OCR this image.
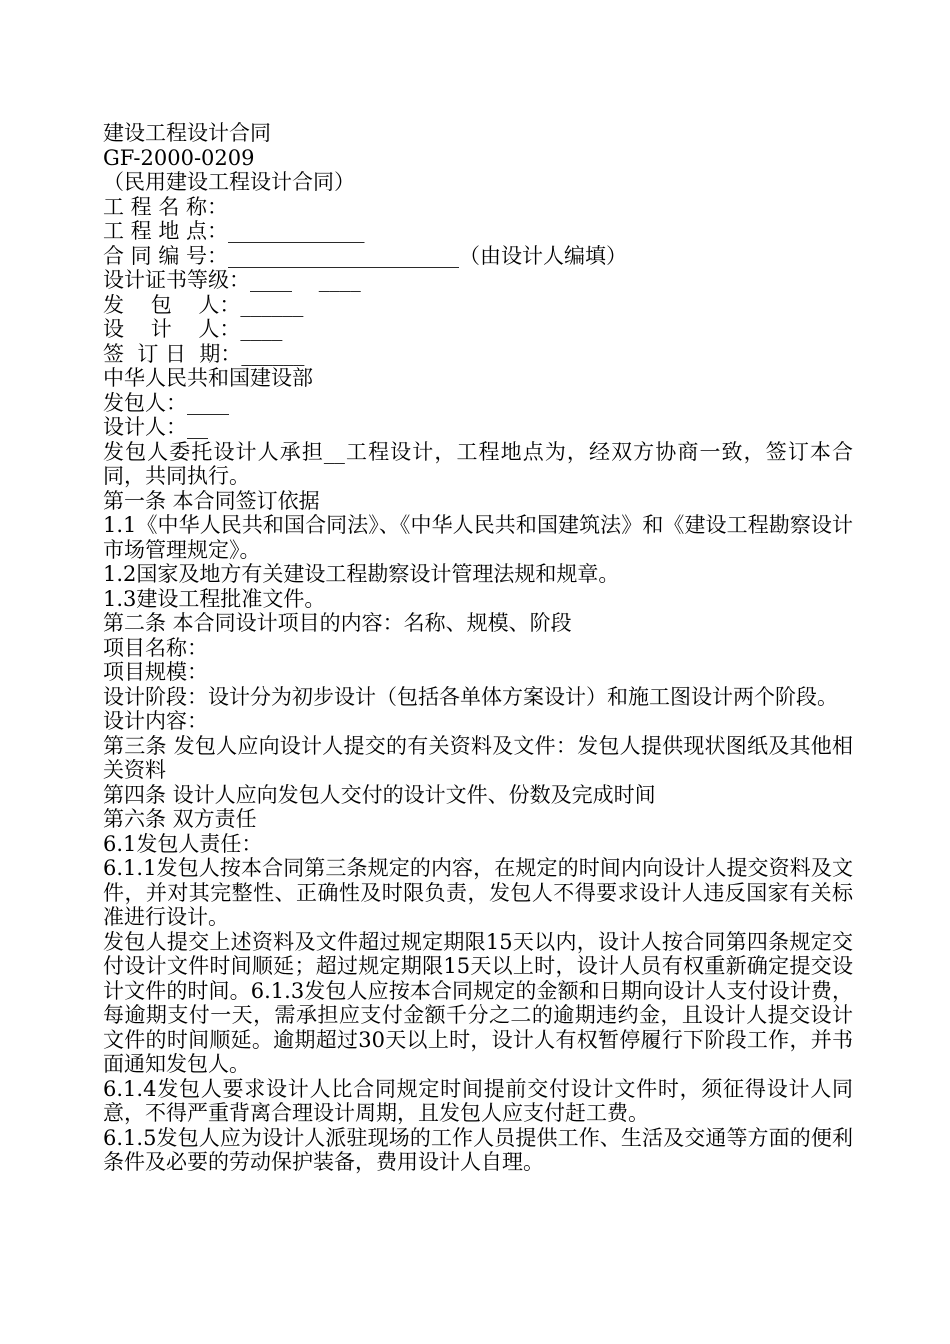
建设工程设计合同
GF-2000-0209
（民用建设工程设计合同）
工 程 名 称：
工 程 地 点：_____________
合 同 编 号：______________________（由设计人编填）
设计证书等级：____    ____
发    包    人：______
设    计    人：____
签  订 日  期：______
中华人民共和国建设部
发包人：____
设计人：__
发包人委托设计人承担__工程设计，工程地点为，经双方协商一致，签订本合同，共同执行。
第一条 本合同签订依据
1.1《中华人民共和国合同法》、《中华人民共和国建筑法》和《建设工程勘察设计市场管理规定》。
1.2国家及地方有关建设工程勘察设计管理法规和规章。
1.3建设工程批准文件。
第二条 本合同设计项目的内容：名称、规模、阶段
项目名称：
项目规模：
设计阶段：设计分为初步设计（包括各单体方案设计）和施工图设计两个阶段。
设计内容：
第三条 发包人应向设计人提交的有关资料及文件：发包人提供现状图纸及其他相关资料
第四条 设计人应向发包人交付的设计文件、份数及完成时间
第六条 双方责任
6.1发包人责任：
6.1.1发包人按本合同第三条规定的内容，在规定的时间内向设计人提交资料及文件，并对其完整性、正确性及时限负责，发包人不得要求设计人违反国家有关标准进行设计。
发包人提交上述资料及文件超过规定期限15天以内，设计人按合同第四条规定交付设计文件时间顺延；超过规定期限15天以上时，设计人员有权重新确定提交设计文件的时间。6.1.3发包人应按本合同规定的金额和日期向设计人支付设计费，每逾期支付一天，需承担应支付金额千分之二的逾期违约金，且设计人提交设计文件的时间顺延。逾期超过30天以上时，设计人有权暂停履行下阶段工作，并书面通知发包人。
6.1.4发包人要求设计人比合同规定时间提前交付设计文件时，须征得设计人同意，不得严重背离合理设计周期，且发包人应支付赶工费。
6.1.5发包人应为设计人派驻现场的工作人员提供工作、生活及交通等方面的便利条件及必要的劳动保护装备，费用设计人自理。
